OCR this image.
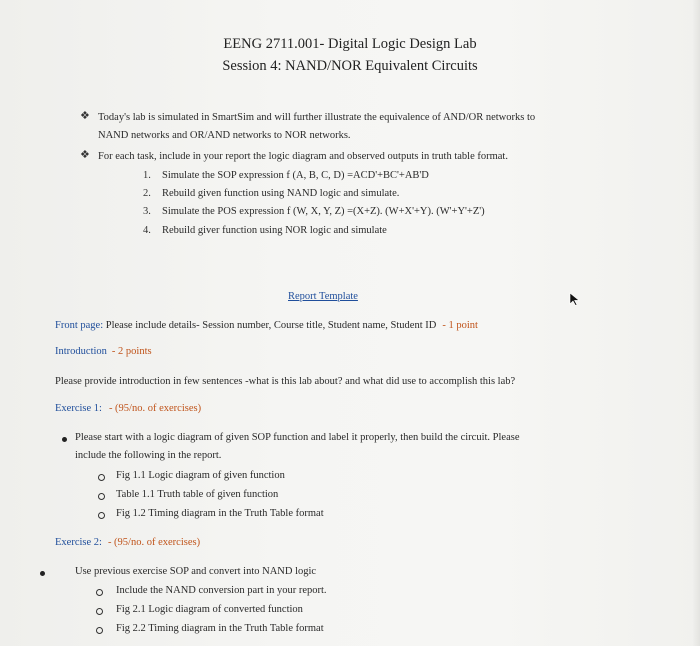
EENG 2711.001- Digital Logic Design Lab
Session 4: NAND/NOR Equivalent Circuits
❖ Today's lab is simulated in SmartSim and will further illustrate the equivalence of AND/OR networks to
NAND networks and OR/AND networks to NOR networks.
❖ For each task, include in your report the logic diagram and observed outputs in truth table format.
1. Simulate the SOP expression f (A, B, C, D) =ACD'+BC'+AB'D
2. Rebuild given function using NAND logic and simulate.
3. Simulate the POS expression f (W, X, Y, Z) =(X+Z). (W+X'+Y). (W'+Y'+Z')
4. Rebuild giver function using NOR logic and simulate
Report Template
Front page: Please include details- Session number, Course title, Student name, Student ID - 1 point
Introduction - 2 points
Please provide introduction in few sentences -what is this lab about? and what did use to accomplish this lab?
Exercise 1: - (95/no. of exercises)
Please start with a logic diagram of given SOP function and label it properly, then build the circuit. Please
include the following in the report.
Fig 1.1 Logic diagram of given function
Table 1.1 Truth table of given function
Fig 1.2 Timing diagram in the Truth Table format
Exercise 2: - (95/no. of exercises)
Use previous exercise SOP and convert into NAND logic
Include the NAND conversion part in your report.
Fig 2.1 Logic diagram of converted function
Fig 2.2 Timing diagram in the Truth Table format
